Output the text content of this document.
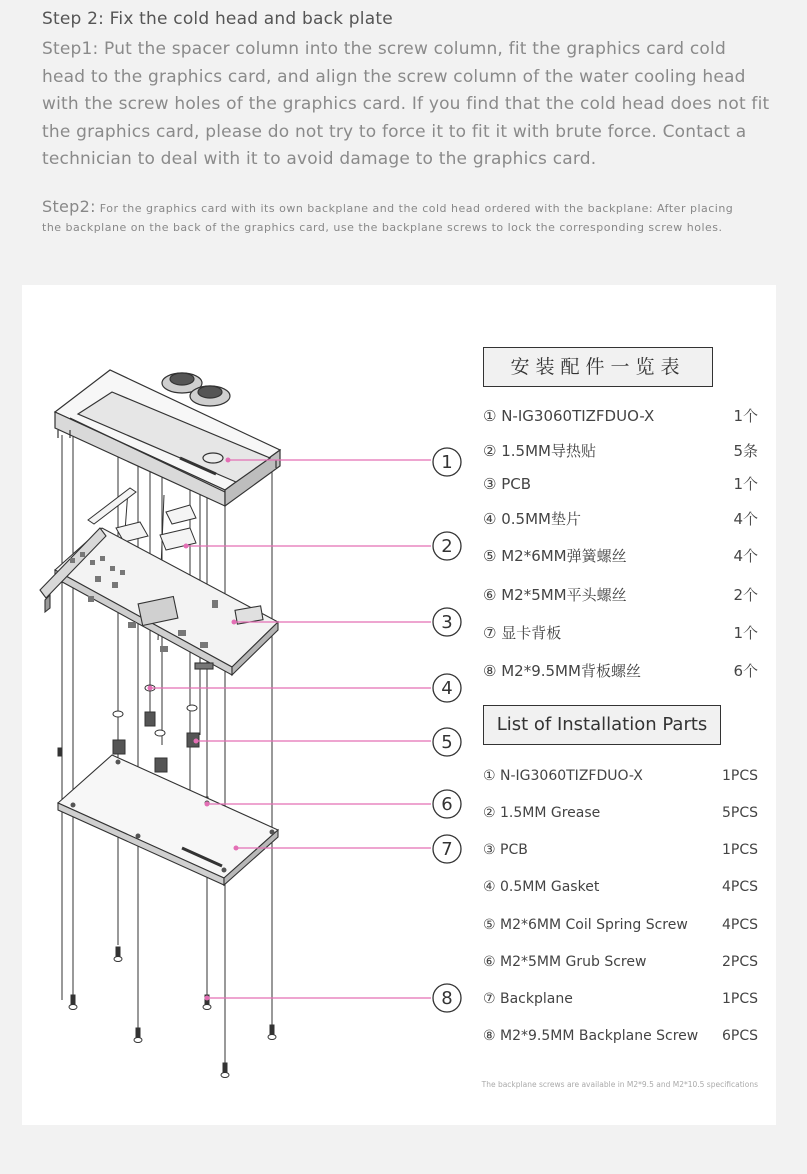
Step 2: Fix the cold head and back plate
Step1: Put the spacer column into the screw column, fit the graphics card cold head to the graphics card, and align the screw column of the water cooling head with the screw holes of the graphics card. If you find that the cold head does not fit the graphics card, please do not try to force it to fit it with brute force. Contact a technician to deal with it to avoid damage to the graphics card.
Step2: For the graphics card with its own backplane and the cold head ordered with the backplane: After placing the backplane on the back of the graphics card, use the backplane screws to lock the corresponding screw holes.
1
2
3
4
5
6
7
8
安装配件一览表
① N-IG3060TIZFDUO-X	1个
② 1.5MM导热贴	5条
③ PCB	1个
④ 0.5MM垫片	4个
⑤ M2*6MM弹簧螺丝	4个
⑥ M2*5MM平头螺丝	2个
⑦ 显卡背板	1个
⑧ M2*9.5MM背板螺丝	6个
List of Installation Parts
① N-IG3060TIZFDUO-X	1PCS
② 1.5MM Grease	5PCS
③ PCB	1PCS
④ 0.5MM Gasket	4PCS
⑤ M2*6MM Coil Spring Screw 4PCS
⑥ M2*5MM Grub Screw	2PCS
⑦ Backplane	1PCS
⑧ M2*9.5MM Backplane Screw 6PCS
The backplane screws are available in M2*9.5 and M2*10.5 specifications
